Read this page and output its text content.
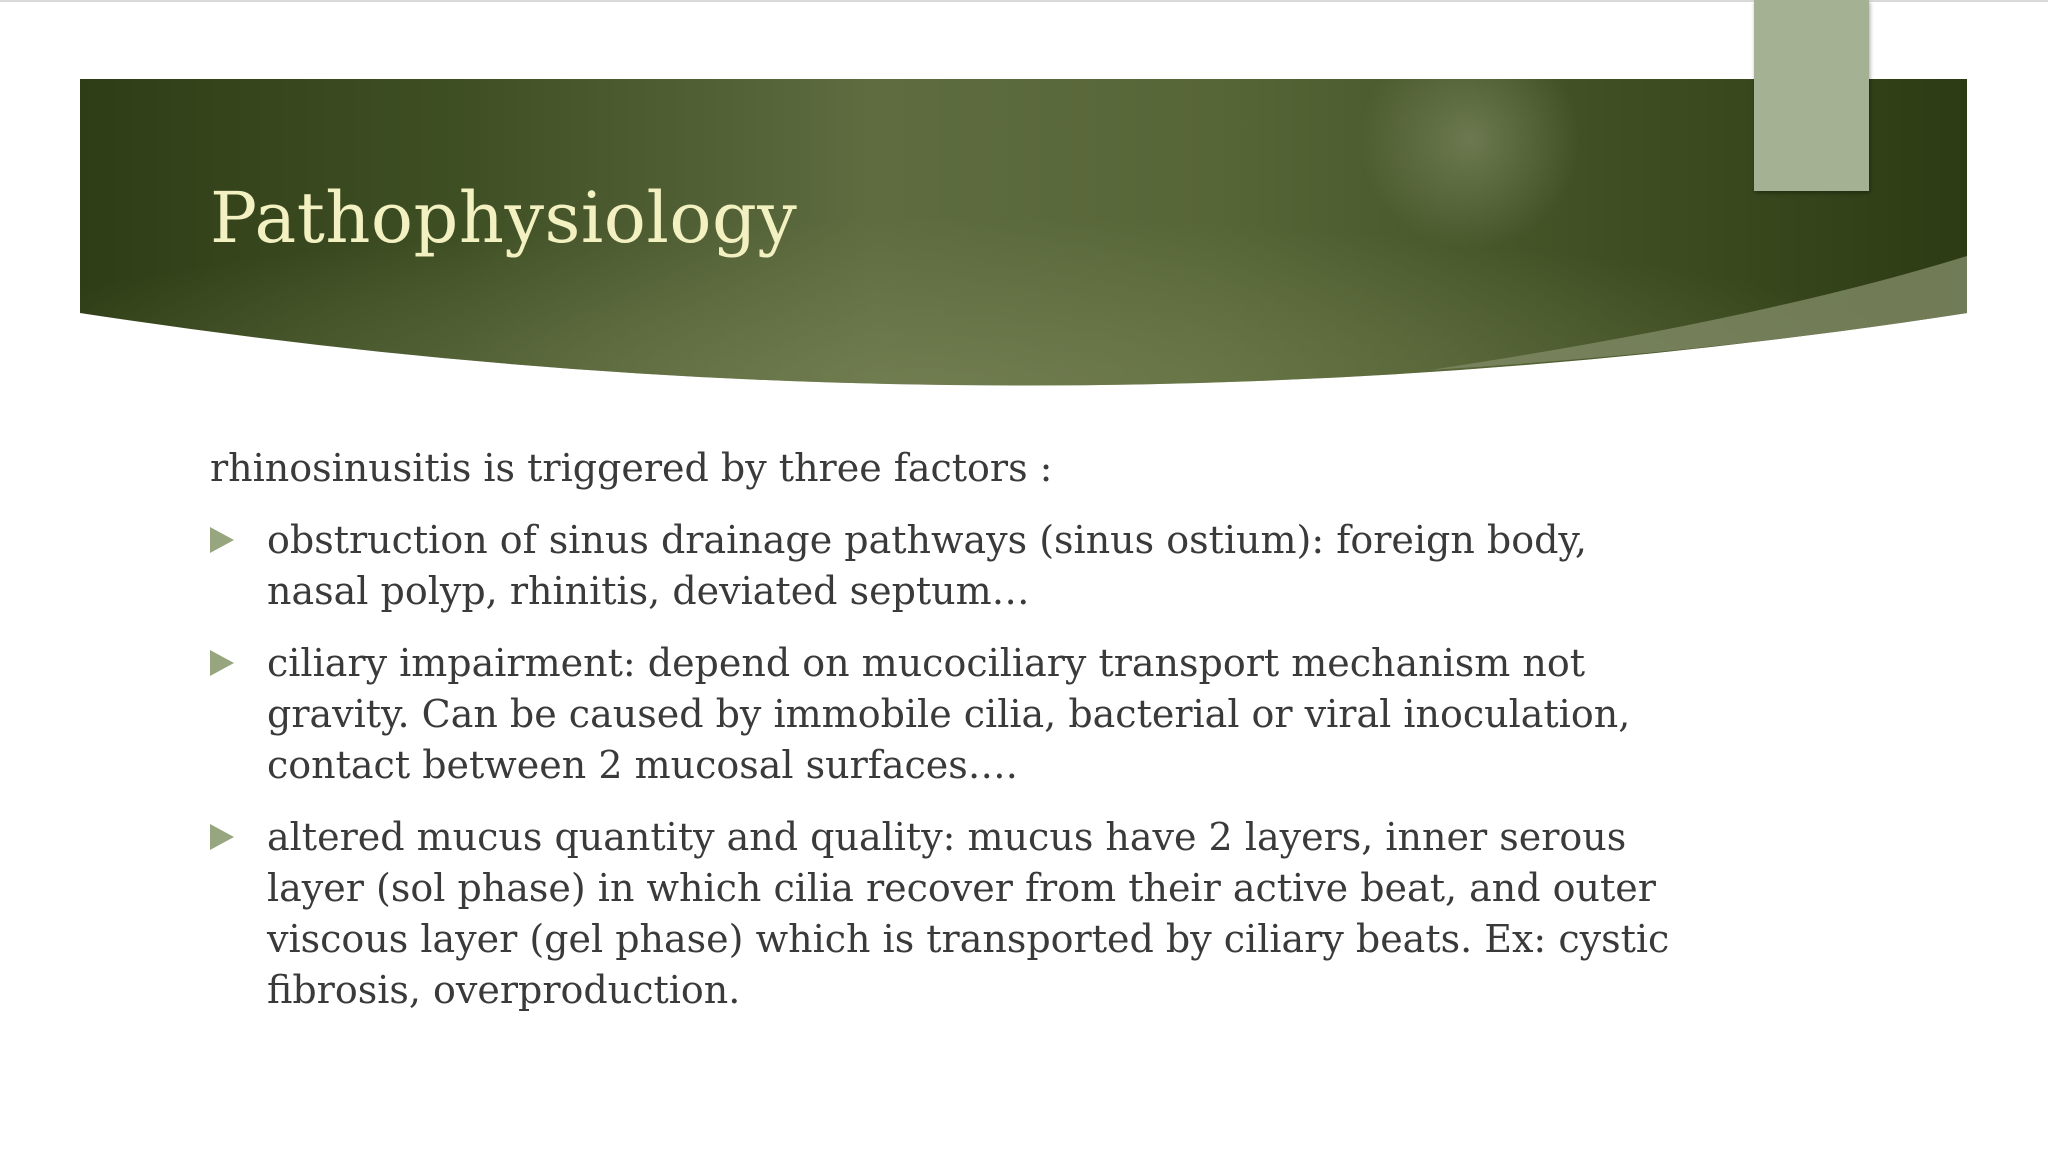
Pathophysiology

rhinosinusitis is triggered by three factors :

obstruction of sinus drainage pathways (sinus ostium): foreign body, nasal polyp, rhinitis, deviated septum…
ciliary impairment: depend on mucociliary transport mechanism not gravity. Can be caused by immobile cilia, bacterial or viral inoculation, contact between 2 mucosal surfaces….
altered mucus quantity and quality: mucus have 2 layers, inner serous layer (sol phase) in which cilia recover from their active beat, and outer viscous layer (gel phase) which is transported by ciliary beats. Ex: cystic fibrosis, overproduction.
